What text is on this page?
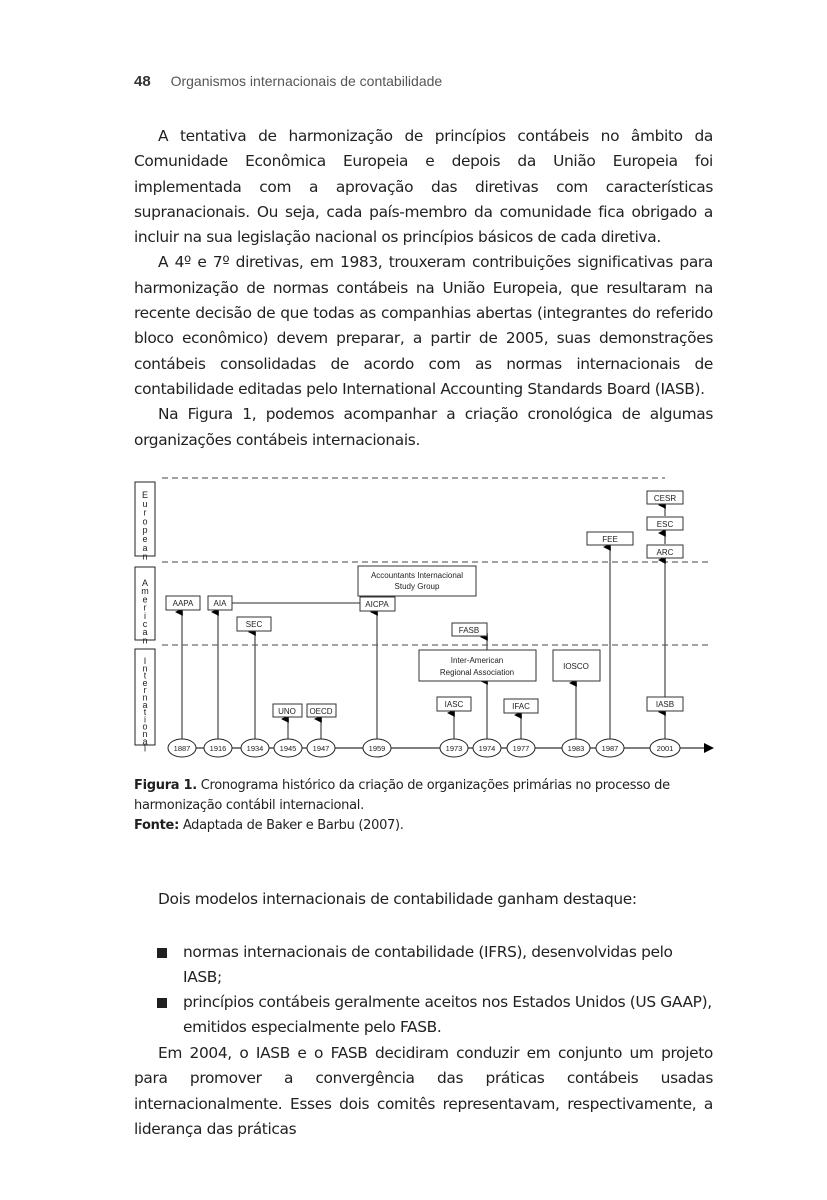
48 Organismos internacionais de contabilidade

A tentativa de harmonização de princípios contábeis no âmbito da Comunidade Econômica Europeia e depois da União Europeia foi implementada com a aprovação das diretivas com características supranacionais. Ou seja, cada país-membro da comunidade fica obrigado a incluir na sua legislação nacional os princípios básicos de cada diretiva.

A 4º e 7º diretivas, em 1983, trouxeram contribuições significativas para harmonização de normas contábeis na União Europeia, que resultaram na recente decisão de que todas as companhias abertas (integrantes do referido bloco econômico) devem preparar, a partir de 2005, suas demonstrações contábeis consolidadas de acordo com as normas internacionais de contabilidade editadas pelo International Accounting Standards Board (IASB).

Na Figura 1, podemos acompanhar a criação cronológica de algumas organizações contábeis internacionais.

E u r o p e a n
A m e r i c a n
I n t e r n a t i o n a l
AAPA	AIA
SEC
Accountants Internacional
Study Group
AICPA
FASB
Inter-American
Regional Association
IOSCO
UNO OECD
IASC	IFAC	IASB
FEE
ARC
ESC
CESR
1887	1916	1934 1945 1947	1959	1973 1974 1977	1983 1987	2001
Figura 1. Cronograma histórico da criação de organizações primárias no processo de harmonização contábil internacional.
Fonte: Adaptada de Baker e Barbu (2007).
Dois modelos internacionais de contabilidade ganham destaque:
normas internacionais de contabilidade (IFRS), desenvolvidas pelo IASB;
princípios contábeis geralmente aceitos nos Estados Unidos (US GAAP), emitidos especialmente pelo FASB.

Em 2004, o IASB e o FASB decidiram conduzir em conjunto um projeto para promover a convergência das práticas contábeis usadas internacionalmente. Esses dois comitês representavam, respectivamente, a liderança das práticas
